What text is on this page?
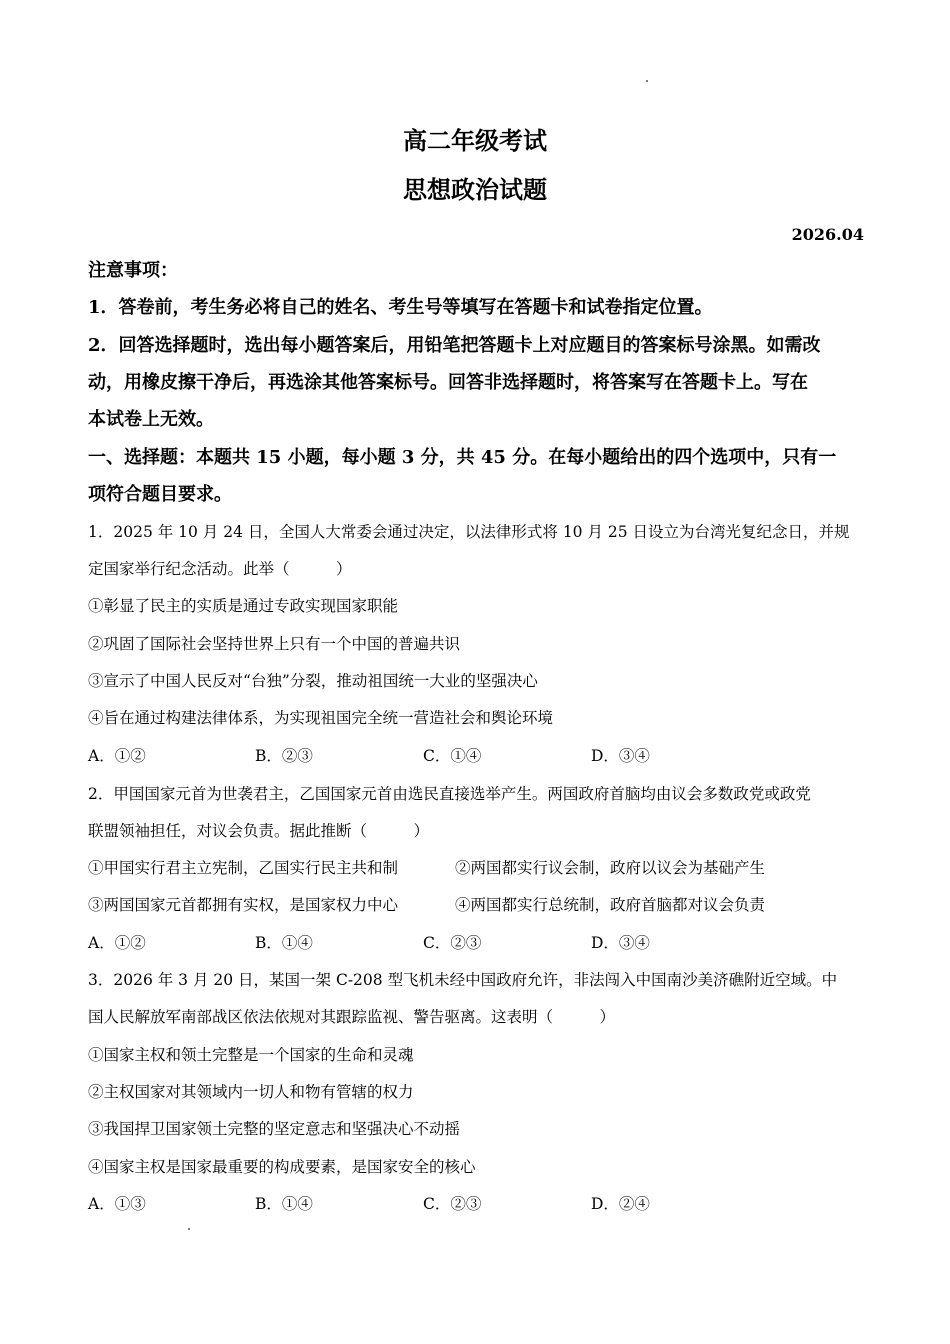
高二年级考试
思想政治试题
2026.04
注意事项：
1．答卷前，考生务必将自己的姓名、考生号等填写在答题卡和试卷指定位置。
2．回答选择题时，选出每小题答案后，用铅笔把答题卡上对应题目的答案标号涂黑。如需改
动，用橡皮擦干净后，再选涂其他答案标号。回答非选择题时，将答案写在答题卡上。写在
本试卷上无效。
一、选择题：本题共 15 小题，每小题 3 分，共 45 分。在每小题给出的四个选项中，只有一
项符合题目要求。
1．2025 年 10 月 24 日，全国人大常委会通过决定，以法律形式将 10 月 25 日设立为台湾光复纪念日，并规
定国家举行纪念活动。此举（　　　）
①彰显了民主的实质是通过专政实现国家职能
②巩固了国际社会坚持世界上只有一个中国的普遍共识
③宣示了中国人民反对“台独”分裂，推动祖国统一大业的坚强决心
④旨在通过构建法律体系，为实现祖国完全统一营造社会和舆论环境
A．①②	B．②③	C．①④	D．③④
2．甲国国家元首为世袭君主，乙国国家元首由选民直接选举产生。两国政府首脑均由议会多数政党或政党
联盟领袖担任，对议会负责。据此推断（　　　）
①甲国实行君主立宪制，乙国实行民主共和制	②两国都实行议会制，政府以议会为基础产生
③两国国家元首都拥有实权，是国家权力中心	④两国都实行总统制，政府首脑都对议会负责
A．①②	B．①④	C．②③	D．③④
3．2026 年 3 月 20 日，某国一架 C-208 型飞机未经中国政府允许，非法闯入中国南沙美济礁附近空域。中
国人民解放军南部战区依法依规对其跟踪监视、警告驱离。这表明（　　　）
①国家主权和领土完整是一个国家的生命和灵魂
②主权国家对其领域内一切人和物有管辖的权力
③我国捍卫国家领土完整的坚定意志和坚强决心不动摇
④国家主权是国家最重要的构成要素，是国家安全的核心
A．①③	B．①④	C．②③	D．②④
